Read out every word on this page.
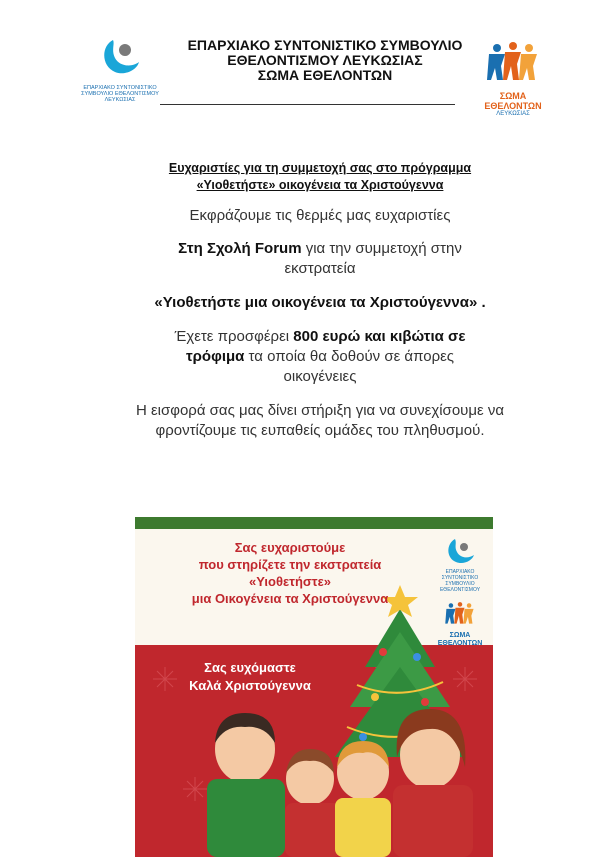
ΕΠΑΡΧΙΑΚΟ ΣΥΝΤΟΝΙΣΤΙΚΟ
ΣΥΜΒΟΥΛΙΟ ΕΘΕΛΟΝΤΙΣΜΟΥ
ΛΕΥΚΩΣΙΑΣ
ΕΠΑΡΧΙΑΚΟ ΣΥΝΤΟΝΙΣΤΙΚΟ ΣΥΜΒΟΥΛΙΟ
ΕΘΕΛΟΝΤΙΣΜΟΥ ΛΕΥΚΩΣΙΑΣ
ΣΩΜΑ ΕΘΕΛΟΝΤΩΝ
ΣΩΜΑ
ΕΘΕΛΟΝΤΩΝ
ΛΕΥΚΩΣΙΑΣ
Ευχαριστίες για τη συμμετοχή σας στο πρόγραμμα
«Υιοθετήστε» οικογένεια τα Χριστούγεννα

Εκφράζουμε τις θερμές μας ευχαριστίες

Στη Σχολή Forum για την συμμετοχή στην εκστρατεία

«Υιοθετήστε μια οικογένεια τα Χριστούγεννα» .

Έχετε προσφέρει 800 ευρώ και κιβώτια σε τρόφιμα τα οποία θα δοθούν σε άπορες οικογένειες

Η εισφορά σας μας δίνει στήριξη για να συνεχίσουμε να φροντίζουμε τις ευπαθείς ομάδες του πληθυσμού.

Σας ευχαριστούμε
που στηρίζετε την εκστρατεία
«Υιοθετήστε»
μια Οικογένεια τα Χριστούγεννα
ΕΠΑΡΧΙΑΚΟ ΣΥΝΤΟΝΙΣΤΙΚΟ
ΣΥΜΒΟΥΛΙΟ ΕΘΕΛΟΝΤΙΣΜΟΥ
ΣΩΜΑ
ΕΘΕΛΟΝΤΩΝ
Σας ευχόμαστε
Καλά Χριστούγεννα
